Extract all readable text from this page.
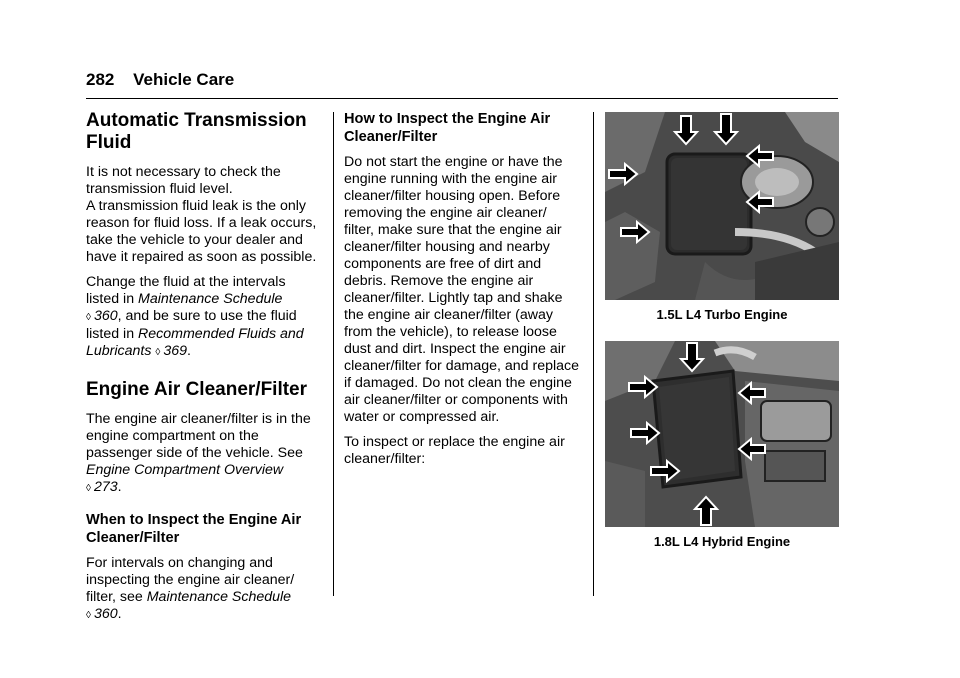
282 Vehicle Care
Automatic Transmission Fluid

It is not necessary to check the transmission fluid level.

A transmission fluid leak is the only reason for fluid loss. If a leak occurs, take the vehicle to your dealer and have it repaired as soon as possible.

Change the fluid at the intervals listed in Maintenance Schedule
◊ 360, and be sure to use the fluid listed in Recommended Fluids and Lubricants ◊ 369.

Engine Air Cleaner/Filter

The engine air cleaner/filter is in the engine compartment on the passenger side of the vehicle. See Engine Compartment Overview
◊ 273.

When to Inspect the Engine Air Cleaner/Filter

For intervals on changing and inspecting the engine air cleaner/ filter, see Maintenance Schedule
◊ 360.

How to Inspect the Engine Air Cleaner/Filter

Do not start the engine or have the engine running with the engine air cleaner/filter housing open. Before removing the engine air cleaner/ filter, make sure that the engine air cleaner/filter housing and nearby components are free of dirt and debris. Remove the engine air cleaner/filter. Lightly tap and shake the engine air cleaner/filter (away from the vehicle), to release loose dust and dirt. Inspect the engine air cleaner/filter for damage, and replace if damaged. Do not clean the engine air cleaner/filter or components with water or compressed air.

To inspect or replace the engine air cleaner/filter:

1.5L L4 Turbo Engine
1.8L L4 Hybrid Engine
